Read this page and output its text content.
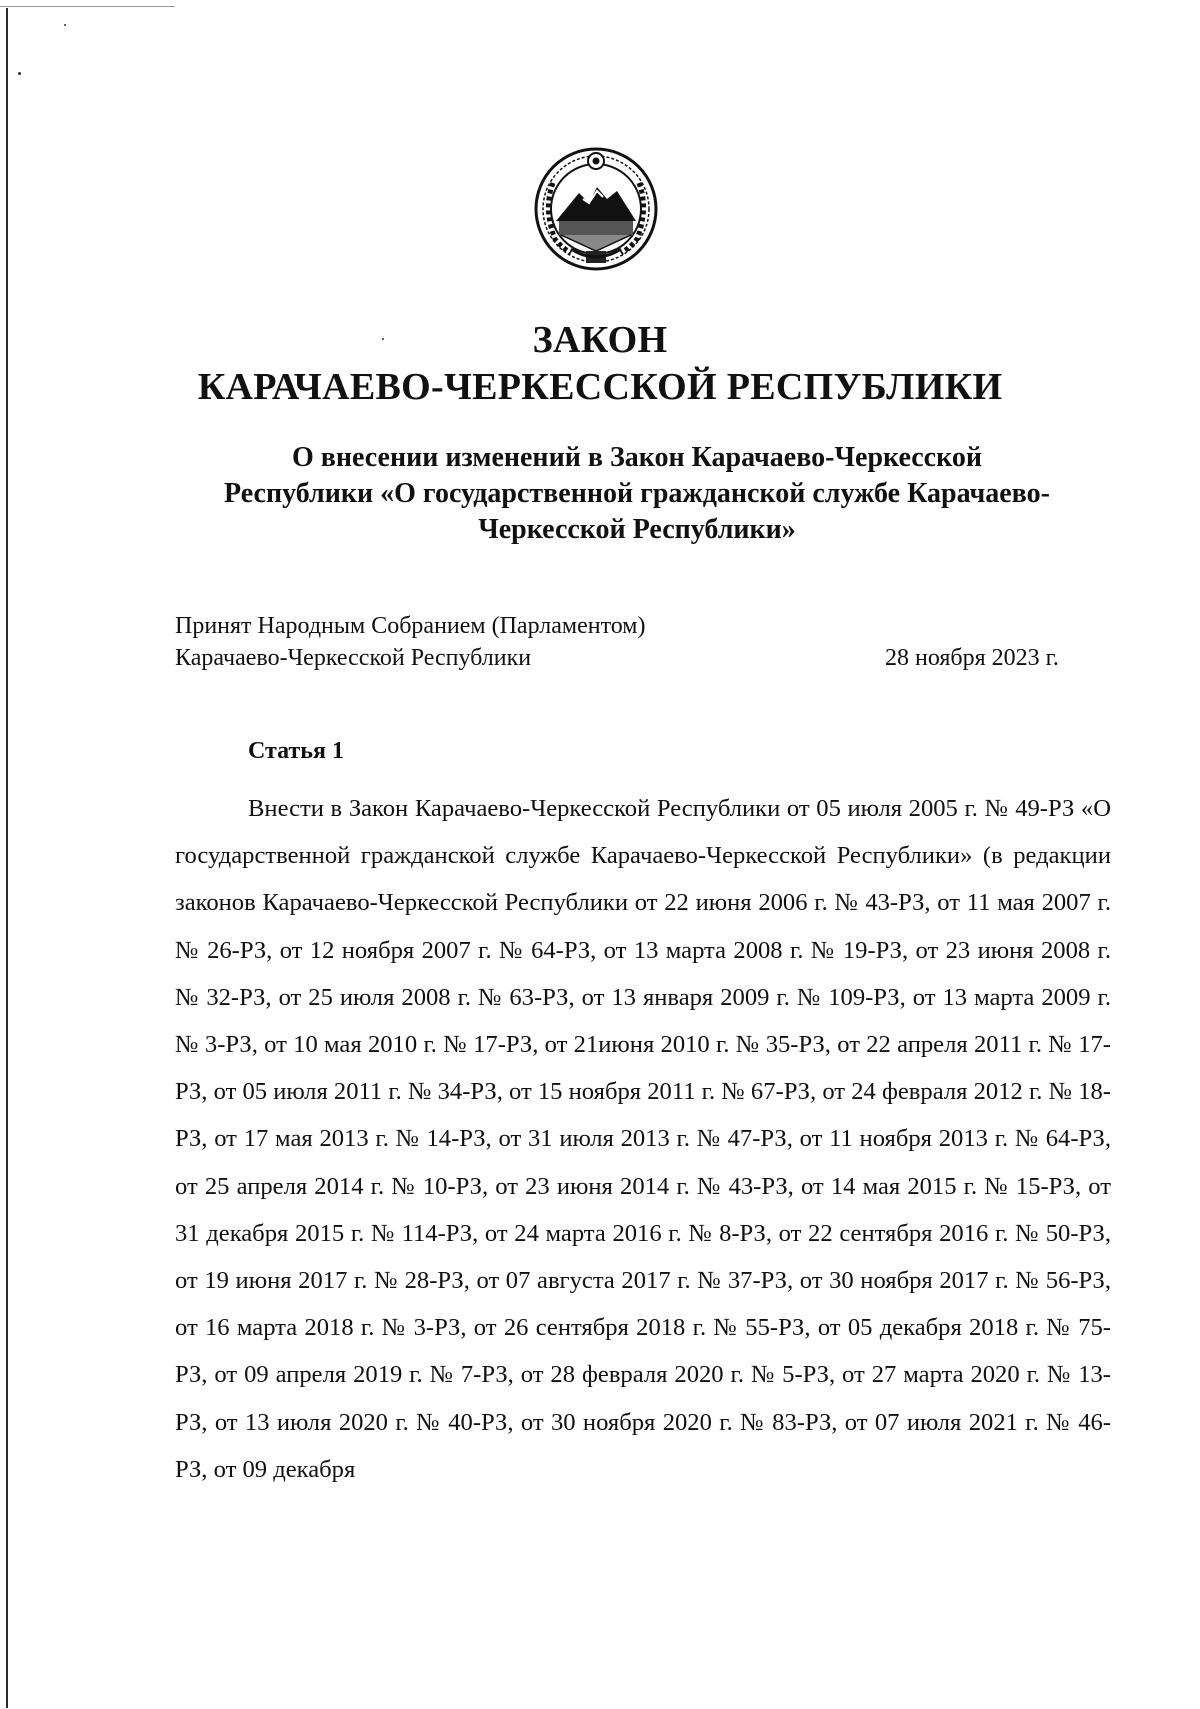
ЗАКОН
КАРАЧАЕВО-ЧЕРКЕССКОЙ РЕСПУБЛИКИ
О внесении изменений в Закон Карачаево-Черкесской Республики «О государственной гражданской службе Карачаево-Черкесской Республики»
Принят Народным Собранием (Парламентом)
Карачаево-Черкесской Республики	28 ноября 2023 г.
Статья 1

Внести в Закон Карачаево-Черкесской Республики от 05 июля 2005 г. № 49-РЗ «О государственной гражданской службе Карачаево-Черкесской Республики» (в редакции законов Карачаево-Черкесской Республики от 22 июня 2006 г. № 43-РЗ, от 11 мая 2007 г. № 26-РЗ, от 12 ноября 2007 г. № 64-РЗ, от 13 марта 2008 г. № 19-РЗ, от 23 июня 2008 г. № 32-РЗ, от 25 июля 2008 г. № 63-РЗ, от 13 января 2009 г. № 109-РЗ, от 13 марта 2009 г. № 3-РЗ, от 10 мая 2010 г. № 17-РЗ, от 21июня 2010 г. № 35-РЗ, от 22 апреля 2011 г. № 17-РЗ, от 05 июля 2011 г. № 34-РЗ, от 15 ноября 2011 г. № 67-РЗ, от 24 февраля 2012 г. № 18-РЗ, от 17 мая 2013 г. № 14-РЗ, от 31 июля 2013 г. № 47-РЗ, от 11 ноября 2013 г. № 64-РЗ, от 25 апреля 2014 г. № 10-РЗ, от 23 июня 2014 г. № 43-РЗ, от 14 мая 2015 г. № 15-РЗ, от 31 декабря 2015 г. № 114-РЗ, от 24 марта 2016 г. № 8-РЗ, от 22 сентября 2016 г. № 50-РЗ, от 19 июня 2017 г. № 28-РЗ, от 07 августа 2017 г. № 37-РЗ, от 30 ноября 2017 г. № 56-РЗ, от 16 марта 2018 г. № 3-РЗ, от 26 сентября 2018 г. № 55-РЗ, от 05 декабря 2018 г. № 75-РЗ, от 09 апреля 2019 г. № 7-РЗ, от 28 февраля 2020 г. № 5-РЗ, от 27 марта 2020 г. № 13-РЗ, от 13 июля 2020 г. № 40-РЗ, от 30 ноября 2020 г. № 83-РЗ, от 07 июля 2021 г. № 46-РЗ, от 09 декабря
